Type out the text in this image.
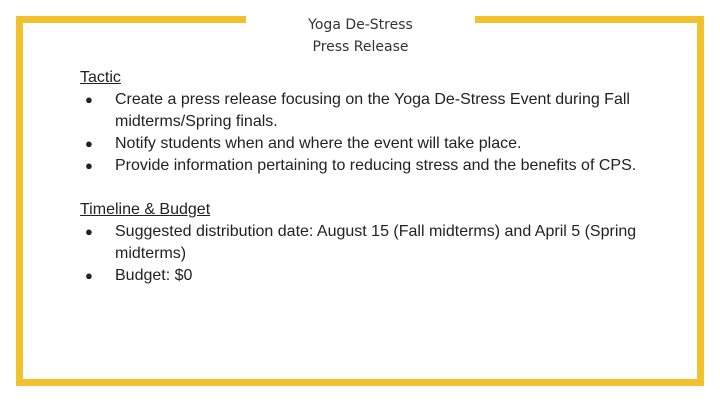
Yoga De-Stress
Press Release

Tactic

● Create a press release focusing on the Yoga De-Stress Event during Fall midterms/Spring finals.
● Notify students when and where the event will take place.
● Provide information pertaining to reducing stress and the benefits of CPS.

Timeline & Budget

● Suggested distribution date: August 15 (Fall midterms) and April 5 (Spring midterms)
● Budget: $0
